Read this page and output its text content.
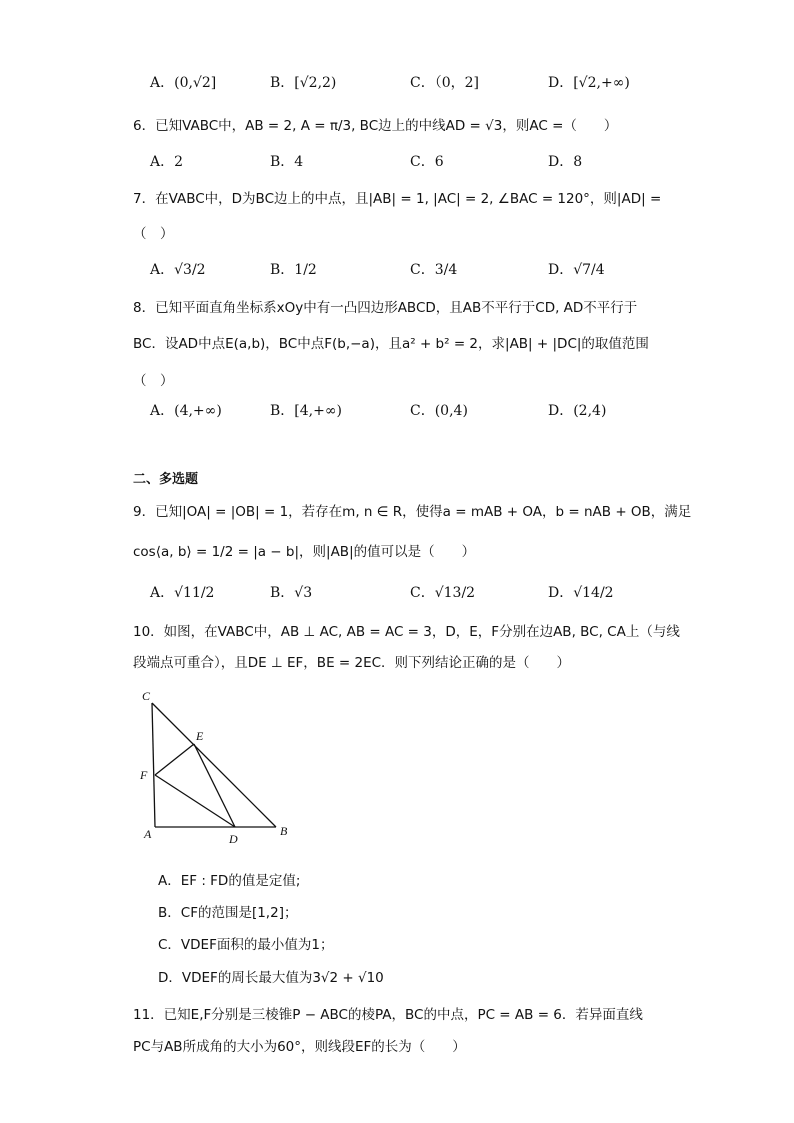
A．(0,√2]	B．[√2,2)	C．（0，2]	D．[√2,+∞)
6．已知VABC中，AB = 2, A = π/3, BC边上的中线AD = √3，则AC =（　　）
A．2	B．4	C．6	D．8
7．在VABC中，D为BC边上的中点，且|AB| = 1, |AC| = 2, ∠BAC = 120°，则|AD| =
（　）
A．√3/2	B．1/2	C．3/4	D．√7/4
8．已知平面直角坐标系xOy中有一凸四边形ABCD，且AB不平行于CD, AD不平行于
BC．设AD中点E(a,b)，BC中点F(b,−a)，且a² + b² = 2，求|AB| + |DC|的取值范围
（　）
A．(4,+∞)	B．[4,+∞)	C．(0,4)	D．(2,4)
二、多选题
9．已知|OA| = |OB| = 1，若存在m, n ∈ R，使得a = mAB + OA，b = nAB + OB，满足
cos⟨a, b⟩ = 1/2 = |a − b|，则|AB|的值可以是（　　）
A．√11/2	B．√3	C．√13/2	D．√14/2
10．如图，在VABC中，AB ⊥ AC, AB = AC = 3，D，E，F分别在边AB, BC, CA上（与线
段端点可重合），且DE ⊥ EF，BE = 2EC．则下列结论正确的是（　　）
C
E
F
A	D
B
A．EF : FD的值是定值;
B．CF的范围是[1,2]；
C．VDEF面积的最小值为1；
D．VDEF的周长最大值为3√2 + √10
11．已知E,F分别是三棱锥P − ABC的棱PA，BC的中点，PC = AB = 6．若异面直线
PC与AB所成角的大小为60°，则线段EF的长为（　　）
